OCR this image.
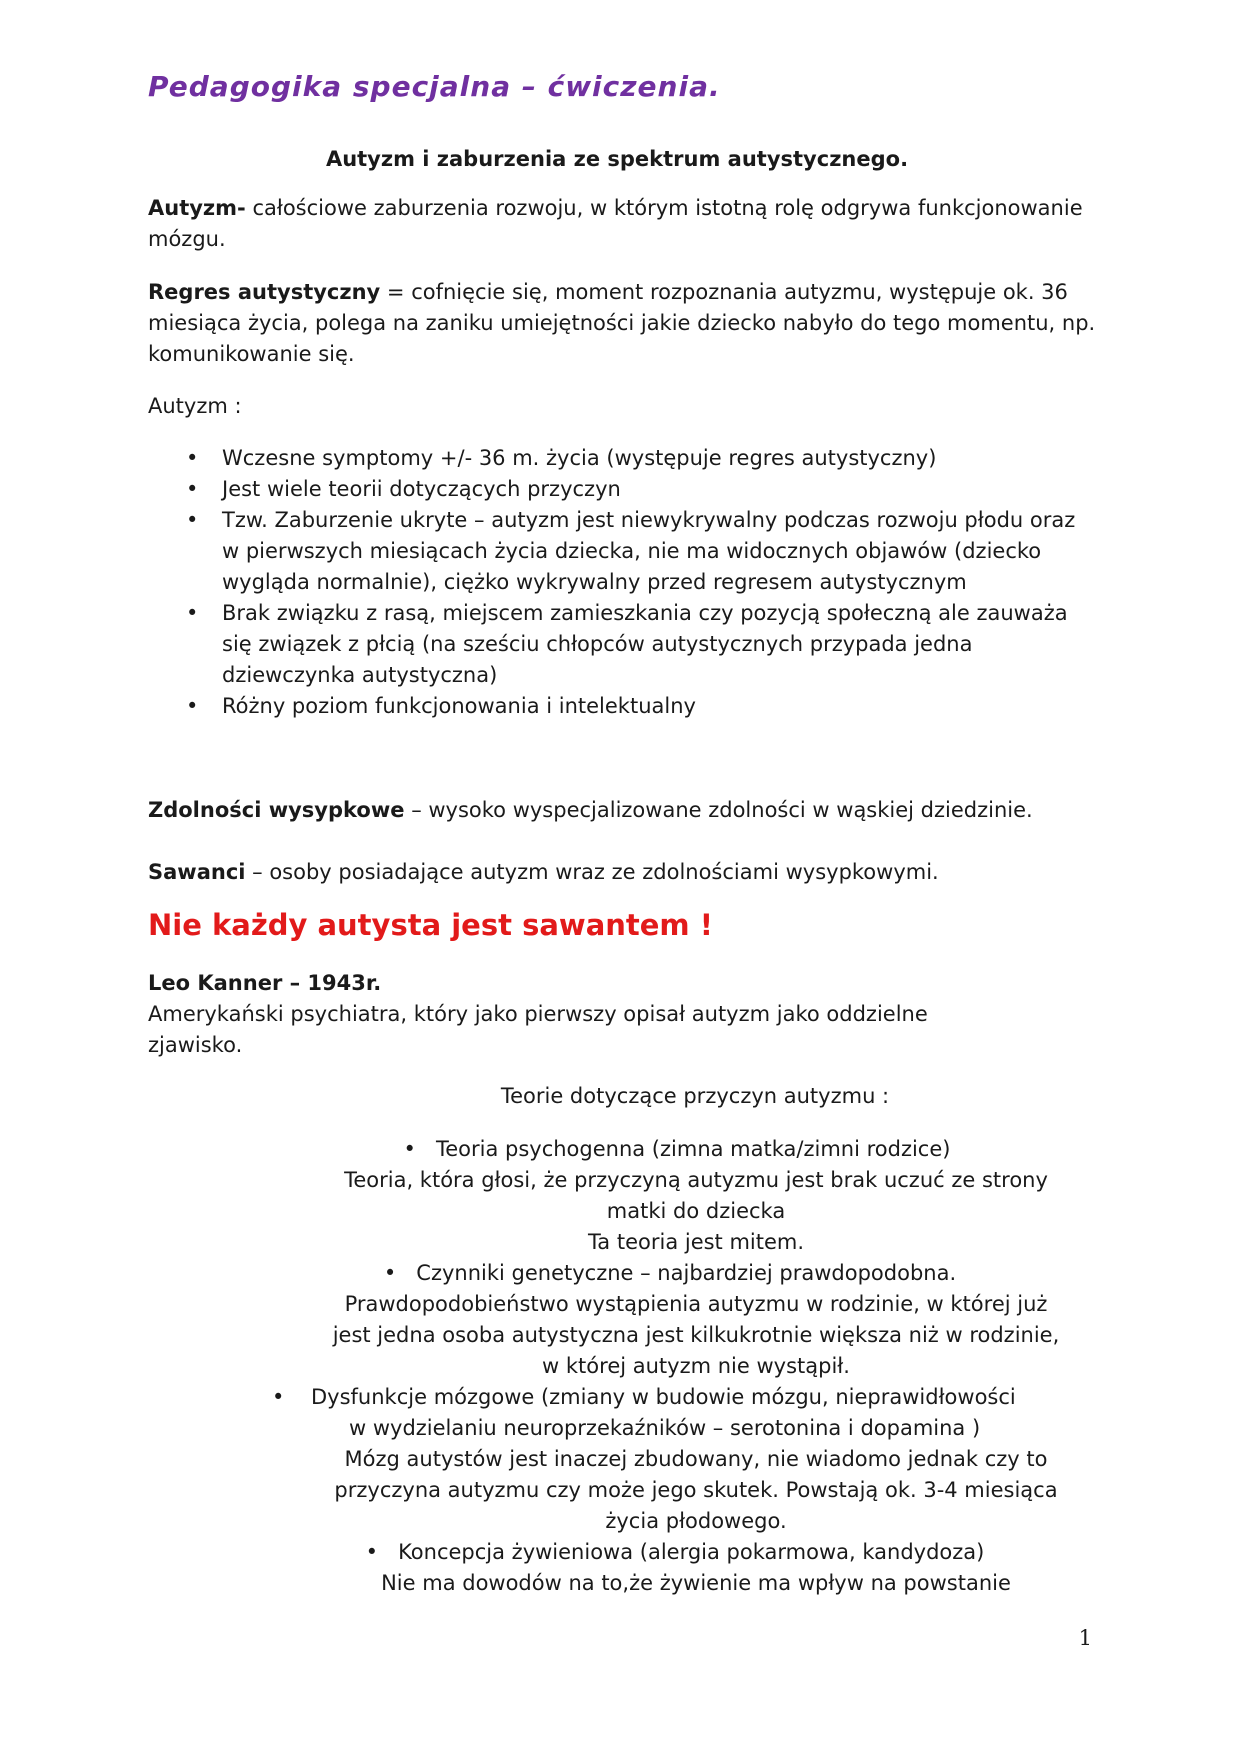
Pedagogika specjalna – ćwiczenia.
Autyzm i zaburzenia ze spektrum autystycznego.

Autyzm- całościowe zaburzenia rozwoju, w którym istotną rolę odgrywa funkcjonowanie mózgu.

Regres autystyczny = cofnięcie się, moment rozpoznania autyzmu, występuje ok. 36 miesiąca życia, polega na zaniku umiejętności jakie dziecko nabyło do tego momentu, np. komunikowanie się.

Autyzm :

• Wczesne symptomy +/- 36 m. życia (występuje regres autystyczny)
• Jest wiele teorii dotyczących przyczyn
• Tzw. Zaburzenie ukryte – autyzm jest niewykrywalny podczas rozwoju płodu oraz w pierwszych miesiącach życia dziecka, nie ma widocznych objawów (dziecko wygląda normalnie), ciężko wykrywalny przed regresem autystycznym
• Brak związku z rasą, miejscem zamieszkania czy pozycją społeczną ale zauważa się związek z płcią (na sześciu chłopców autystycznych przypada jedna dziewczynka autystyczna)
• Różny poziom funkcjonowania i intelektualny

Zdolności wysypkowe – wysoko wyspecjalizowane zdolności w wąskiej dziedzinie.

Sawanci – osoby posiadające autyzm wraz ze zdolnościami wysypkowymi.

Nie każdy autysta jest sawantem !

Leo Kanner – 1943r.

Amerykański psychiatra, który jako pierwszy opisał autyzm jako oddzielne zjawisko.

Teorie dotyczące przyczyn autyzmu :

• Teoria psychogenna (zimna matka/zimni rodzice)
Teoria, która głosi, że przyczyną autyzmu jest brak uczuć ze strony
matki do dziecka
Ta teoria jest mitem.
• Czynniki genetyczne – najbardziej prawdopodobna.
Prawdopodobieństwo wystąpienia autyzmu w rodzinie, w której już
jest jedna osoba autystyczna jest kilkukrotnie większa niż w rodzinie,
w której autyzm nie wystąpił.
• Dysfunkcje mózgowe (zmiany w budowie mózgu, nieprawidłowości
w wydzielaniu neuroprzekaźników – serotonina i dopamina )
Mózg autystów jest inaczej zbudowany, nie wiadomo jednak czy to
przyczyna autyzmu czy może jego skutek. Powstają ok. 3-4 miesiąca
życia płodowego.
• Koncepcja żywieniowa (alergia pokarmowa, kandydoza)
Nie ma dowodów na to,że żywienie ma wpływ na powstanie
1
